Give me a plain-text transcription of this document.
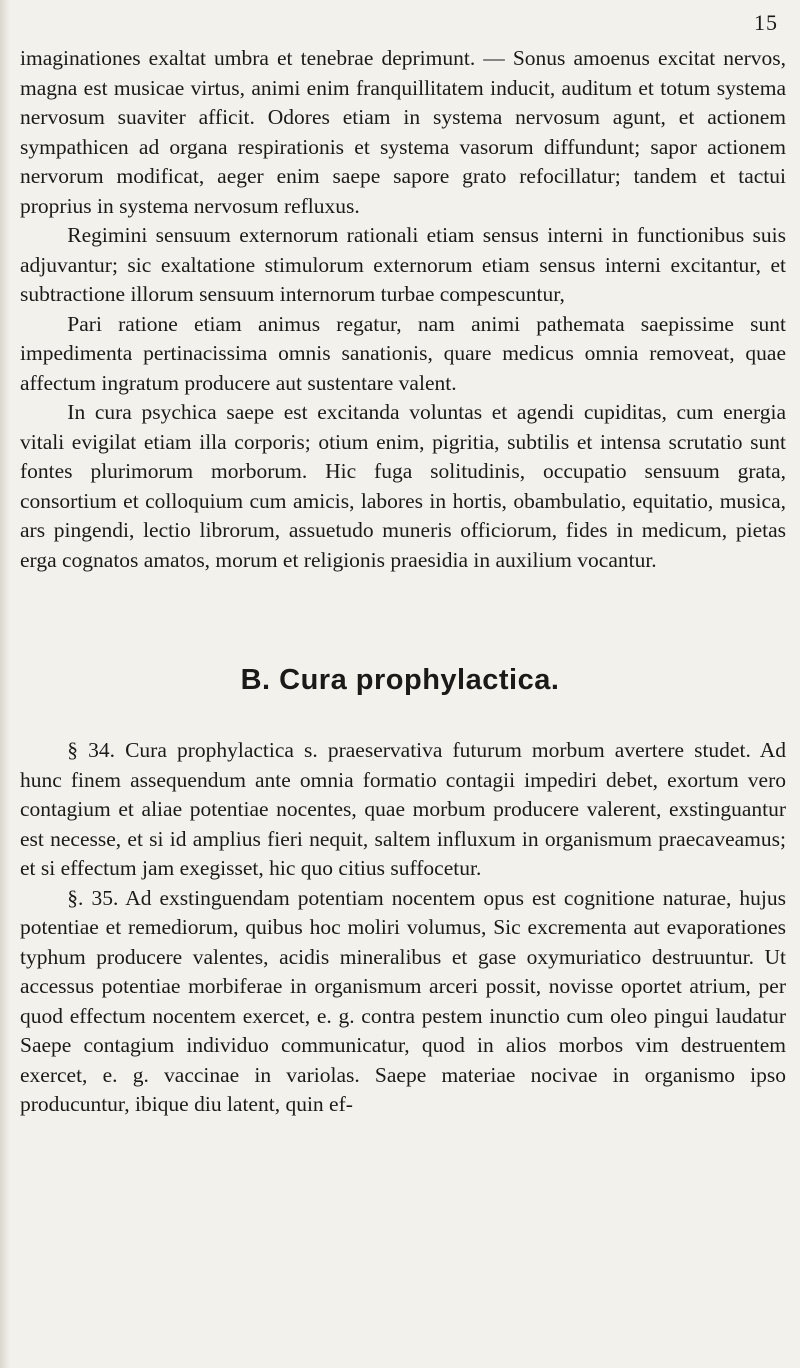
15

imaginationes exaltat umbra et tenebrae deprimunt. — Sonus amoenus excitat nervos, magna est musicae virtus, animi enim franquillitatem inducit, auditum et totum systema nervosum suaviter afficit. Odores etiam in systema nervosum agunt, et actionem sympathicen ad organa respirationis et systema vasorum diffundunt; sapor actionem nervorum modificat, aeger enim saepe sapore grato refocillatur; tandem et tactui proprius in systema nervosum refluxus.

Regimini sensuum externorum rationali etiam sensus interni in functionibus suis adjuvantur; sic exaltatione stimulorum externorum etiam sensus interni excitantur, et subtractione illorum sensuum internorum turbae compescuntur,

Pari ratione etiam animus regatur, nam animi pathemata saepissime sunt impedimenta pertinacissima omnis sanationis, quare medicus omnia removeat, quae affectum ingratum producere aut sustentare valent.

In cura psychica saepe est excitanda voluntas et agendi cupiditas, cum energia vitali evigilat etiam illa corporis; otium enim, pigritia, subtilis et intensa scrutatio sunt fontes plurimorum morborum. Hic fuga solitudinis, occupatio sensuum grata, consortium et colloquium cum amicis, labores in hortis, obambulatio, equitatio, musica, ars pingendi, lectio librorum, assuetudo muneris officiorum, fides in medicum, pietas erga cognatos amatos, morum et religionis praesidia in auxilium vocantur.

B. Cura prophylactica.

§ 34. Cura prophylactica s. praeservativa futurum morbum avertere studet. Ad hunc finem assequendum ante omnia formatio contagii impediri debet, exortum vero contagium et aliae potentiae nocentes, quae morbum producere valerent, exstinguantur est necesse, et si id amplius fieri nequit, saltem influxum in organismum praecaveamus; et si effectum jam exegisset, hic quo citius suffocetur.

§. 35. Ad exstinguendam potentiam nocentem opus est cognitione naturae, hujus potentiae et remediorum, quibus hoc moliri volumus, Sic excrementa aut evaporationes typhum producere valentes, acidis mineralibus et gase oxymuriatico destruuntur. Ut accessus potentiae morbiferae in organismum arceri possit, novisse oportet atrium, per quod effectum nocentem exercet, e. g. contra pestem inunctio cum oleo pingui laudatur Saepe contagium individuo communicatur, quod in alios morbos vim destruentem exercet, e. g. vaccinae in variolas. Saepe materiae nocivae in organismo ipso producuntur, ibique diu latent, quin ef-
